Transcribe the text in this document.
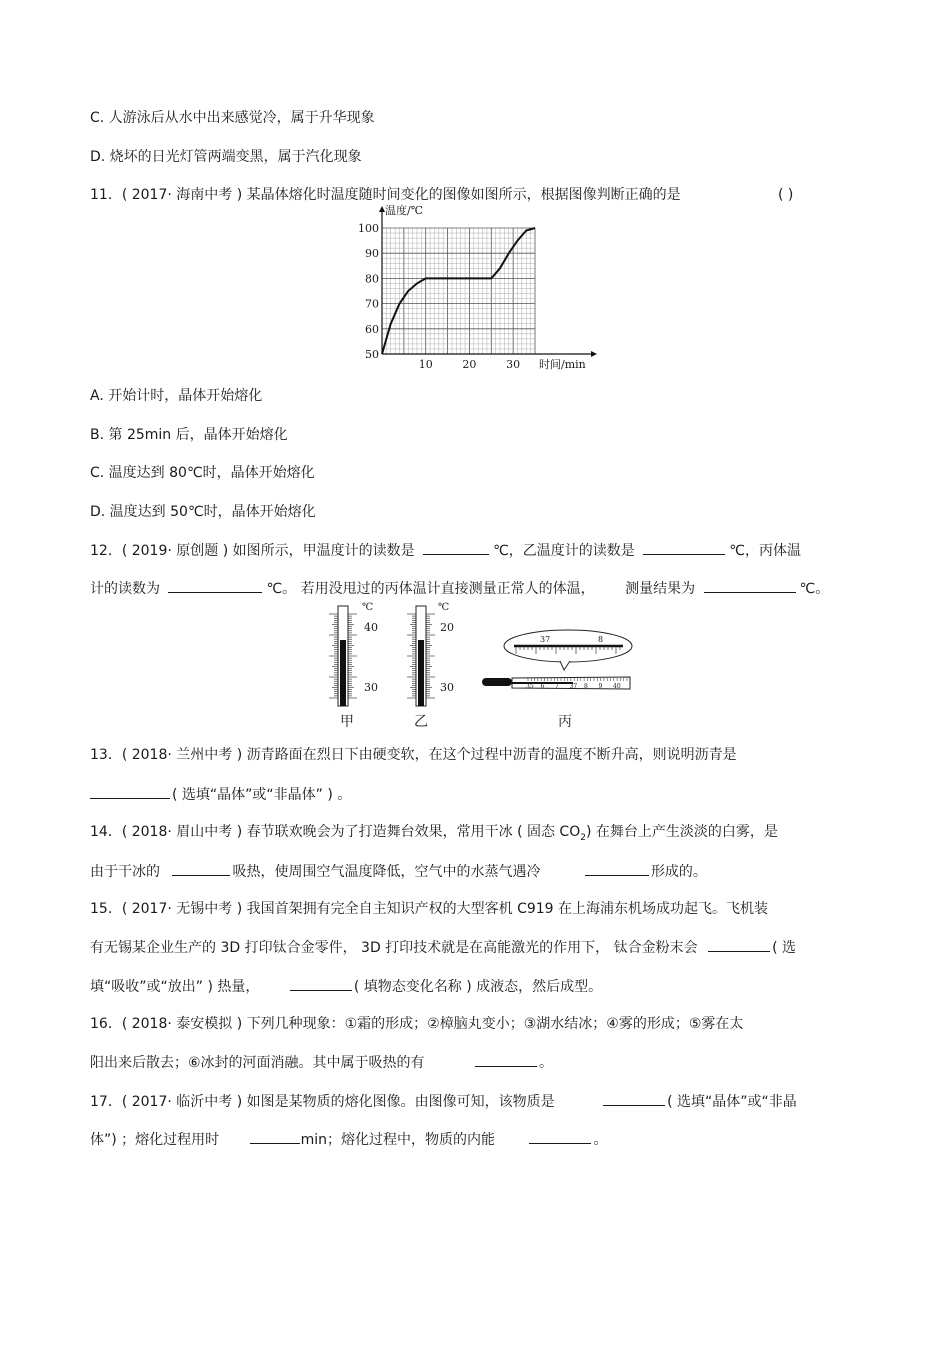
C. 人游泳后从水中出来感觉冷，属于升华现象
D. 烧坏的日光灯管两端变黑，属于汽化现象
11．( 2017· 海南中考 ) 某晶体熔化时温度随时间变化的图像如图所示，根据图像判断正确的是	( )
50
60
70
80
90
100
10	20	30
温度/℃
时间/min
A. 开始计时，晶体开始熔化
B. 第 25min 后，晶体开始熔化
C. 温度达到 80℃时，晶体开始熔化
D. 温度达到 50℃时，晶体开始熔化
12．( 2019· 原创题 ) 如图所示，甲温度计的读数是	℃，乙温度计的读数是	℃，丙体温
计的读数为	℃。 若用没甩过的丙体温计直接测量正常人的体温， 测量结果为	℃。
℃
40
30
甲
℃
20
30
乙
37	8
35 6 7 37 8 9 40
丙
13．( 2018· 兰州中考 ) 沥青路面在烈日下由硬变软，在这个过程中沥青的温度不断升高，则说明沥青是
( 选填“晶体”或“非晶体” ) 。
14．( 2018· 眉山中考 ) 春节联欢晚会为了打造舞台效果，常用干冰 ( 固态 $CO_2$) 在舞台上产生淡淡的白雾，是
由于干冰的	吸热，使周围空气温度降低，空气中的水蒸气遇冷	形成的。
15．( 2017· 无锡中考 ) 我国首架拥有完全自主知识产权的大型客机 C919 在上海浦东机场成功起飞。飞机装
有无锡某企业生产的 3D 打印钛合金零件， 3D 打印技术就是在高能激光的作用下， 钛合金粉末会	( 选
填“吸收”或“放出” ) 热量，	( 填物态变化名称 ) 成液态，然后成型。
16．( 2018· 泰安模拟 ) 下列几种现象：①霜的形成；②樟脑丸变小；③湖水结冰；④雾的形成；⑤雾在太
阳出来后散去；⑥冰封的河面消融。其中属于吸热的有	。
17．( 2017· 临沂中考 ) 如图是某物质的熔化图像。由图像可知，该物质是	( 选填“晶体”或“非晶
体”) ；熔化过程用时	min；熔化过程中，物质的内能	。
